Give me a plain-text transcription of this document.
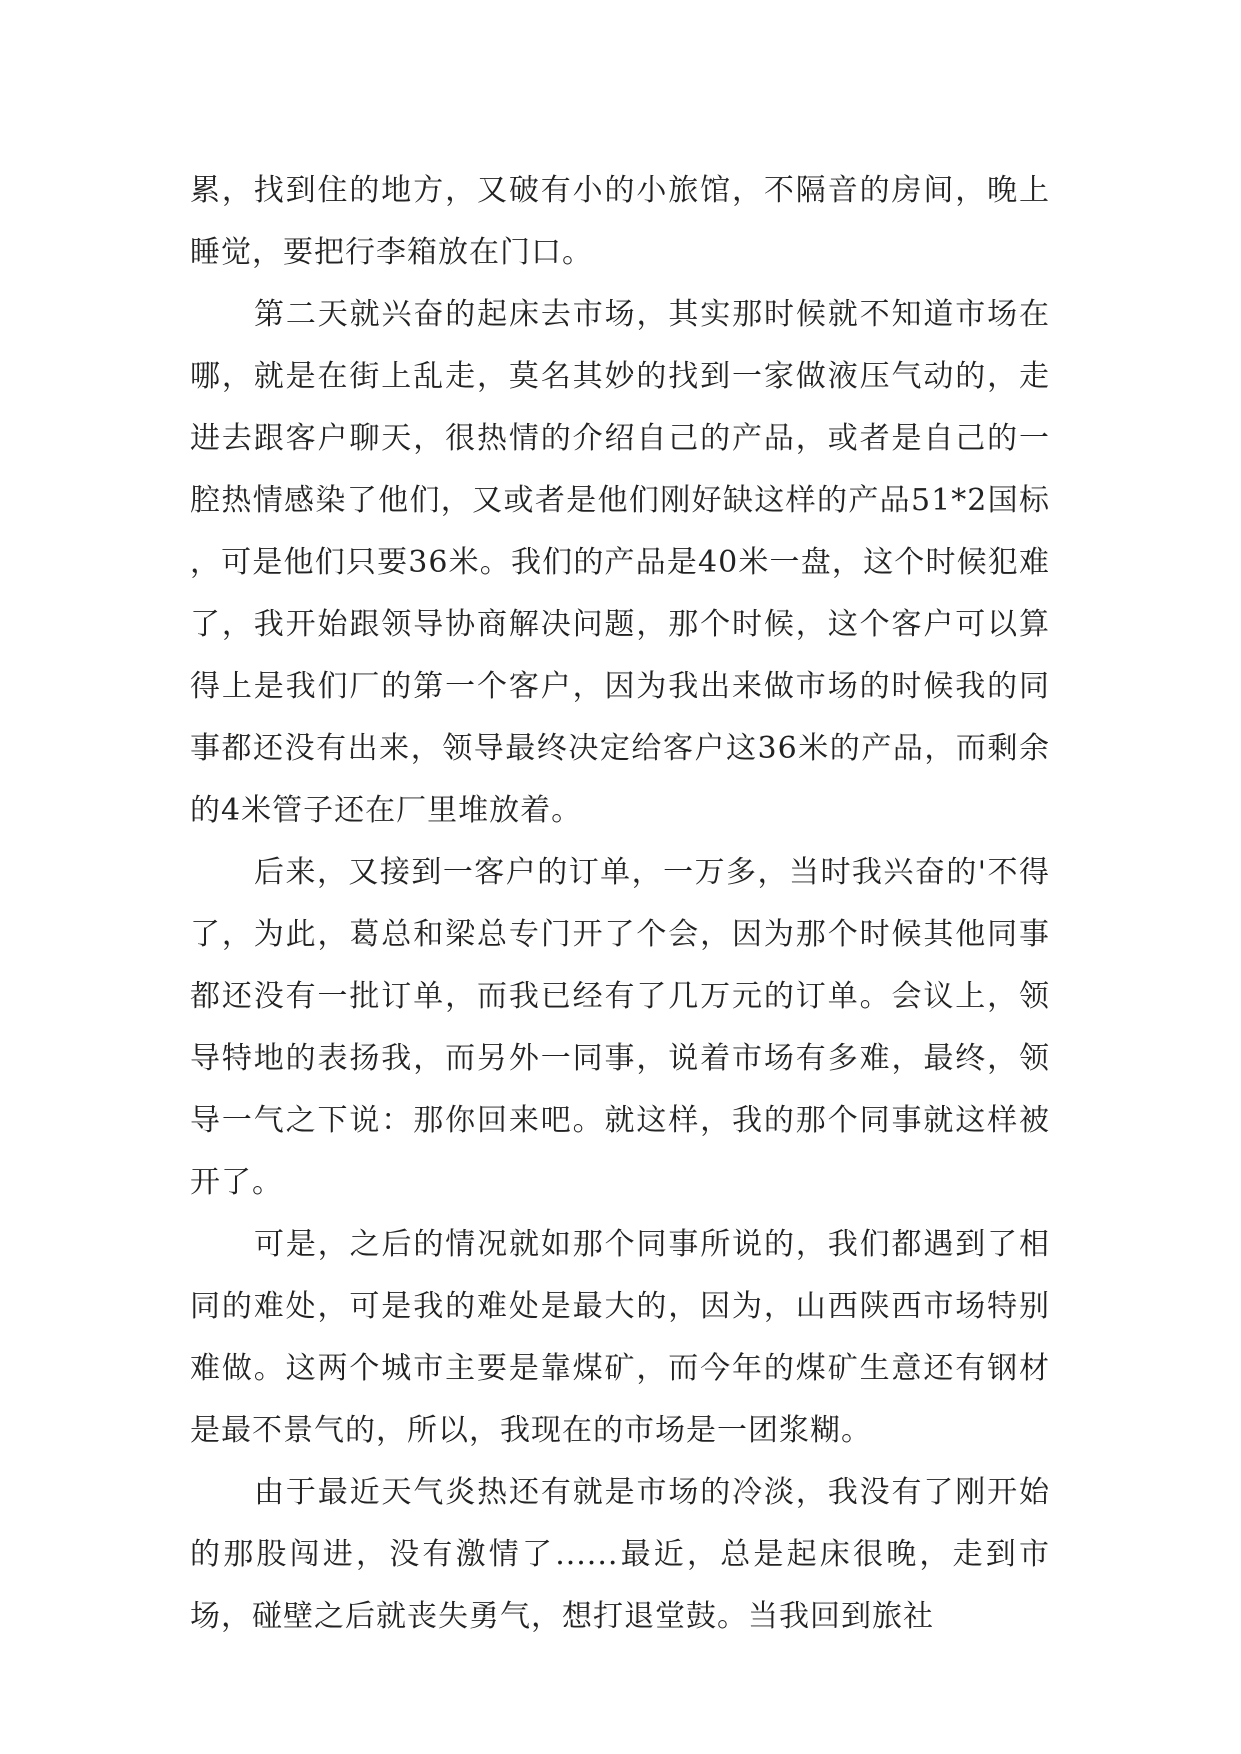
累，找到住的地方，又破有小的小旅馆，不隔音的房间，晚上睡觉，要把行李箱放在门口。

第二天就兴奋的起床去市场，其实那时候就不知道市场在哪，就是在街上乱走，莫名其妙的找到一家做液压气动的，走进去跟客户聊天，很热情的介绍自己的产品，或者是自己的一腔热情感染了他们，又或者是他们刚好缺这样的产品51*2国标 ，可是他们只要36米。我们的产品是40米一盘，这个时候犯难了，我开始跟领导协商解决问题，那个时候，这个客户可以算得上是我们厂的第一个客户，因为我出来做市场的时候我的同事都还没有出来，领导最终决定给客户这36米的产品，而剩余的4米管子还在厂里堆放着。

后来，又接到一客户的订单，一万多，当时我兴奋的'不得了，为此，葛总和梁总专门开了个会，因为那个时候其他同事都还没有一批订单，而我已经有了几万元的订单。会议上，领导特地的表扬我，而另外一同事，说着市场有多难，最终，领导一气之下说：那你回来吧。就这样，我的那个同事就这样被开了。

可是，之后的情况就如那个同事所说的，我们都遇到了相同的难处，可是我的难处是最大的，因为，山西陕西市场特别难做。这两个城市主要是靠煤矿，而今年的煤矿生意还有钢材是最不景气的，所以，我现在的市场是一团浆糊。

由于最近天气炎热还有就是市场的冷淡，我没有了刚开始的那股闯进，没有激情了......最近，总是起床很晚，走到市场，碰壁之后就丧失勇气，想打退堂鼓。当我回到旅社
